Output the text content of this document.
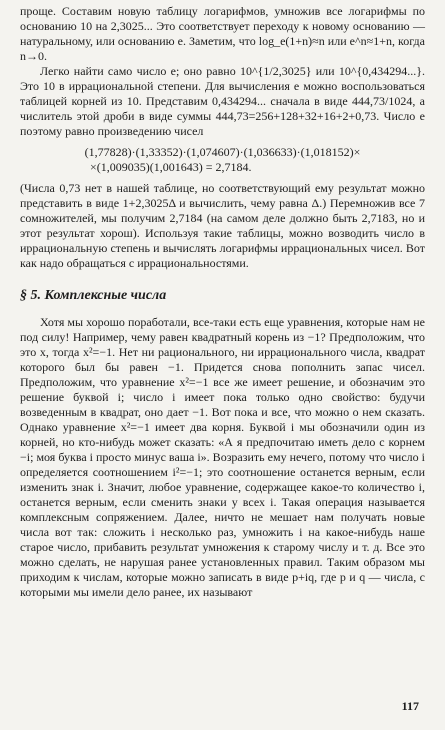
проще. Составим новую таблицу логарифмов, умножив все логарифмы по основанию 10 на 2,3025... Это соответствует переходу к новому основанию — натуральному, или основанию e. Заметим, что log_e(1+n)≈n или e^n≈1+n, когда n→0.

Легко найти само число e; оно равно 10^{1/2,3025} или 10^{0,434294...}. Это 10 в иррациональной степени. Для вычисления e можно воспользоваться таблицей корней из 10. Представим 0,434294... сначала в виде 444,73/1024, а числитель этой дроби в виде суммы 444,73=256+128+32+16+2+0,73. Число e поэтому равно произведению чисел

(1,77828)·(1,33352)·(1,074607)·(1,036633)·(1,018152)×
×(1,009035)(1,001643) = 2,7184.

(Числа 0,73 нет в нашей таблице, но соответствующий ему результат можно представить в виде 1+2,3025Δ и вычислить, чему равна Δ.) Перемножив все 7 сомножителей, мы получим 2,7184 (на самом деле должно быть 2,7183, но и этот результат хорош). Используя такие таблицы, можно возводить число в иррациональную степень и вычислять логарифмы иррациональных чисел. Вот как надо обращаться с иррациональностями.

§ 5. Комплексные числа

Хотя мы хорошо поработали, все-таки есть еще уравнения, которые нам не под силу! Например, чему равен квадратный корень из −1? Предположим, что это x, тогда x²=−1. Нет ни рационального, ни иррационального числа, квадрат которого был бы равен −1. Придется снова пополнить запас чисел. Предположим, что уравнение x²=−1 все же имеет решение, и обозначим это решение буквой i; число i имеет пока только одно свойство: будучи возведенным в квадрат, оно дает −1. Вот пока и все, что можно о нем сказать. Однако уравнение x²=−1 имеет два корня. Буквой i мы обозначили один из корней, но кто-нибудь может сказать: «А я предпочитаю иметь дело с корнем −i; моя буква i просто минус ваша i». Возразить ему нечего, потому что число i определяется соотношением i²=−1; это соотношение останется верным, если изменить знак i. Значит, любое уравнение, содержащее какое-то количество i, останется верным, если сменить знаки у всех i. Такая операция называется комплексным сопряжением. Далее, ничто не мешает нам получать новые числа вот так: сложить i несколько раз, умножить i на какое-нибудь наше старое число, прибавить результат умножения к старому числу и т. д. Все это можно сделать, не нарушая ранее установленных правил. Таким образом мы приходим к числам, которые можно записать в виде p+iq, где p и q — числа, с которыми мы имели дело ранее, их называют

117
